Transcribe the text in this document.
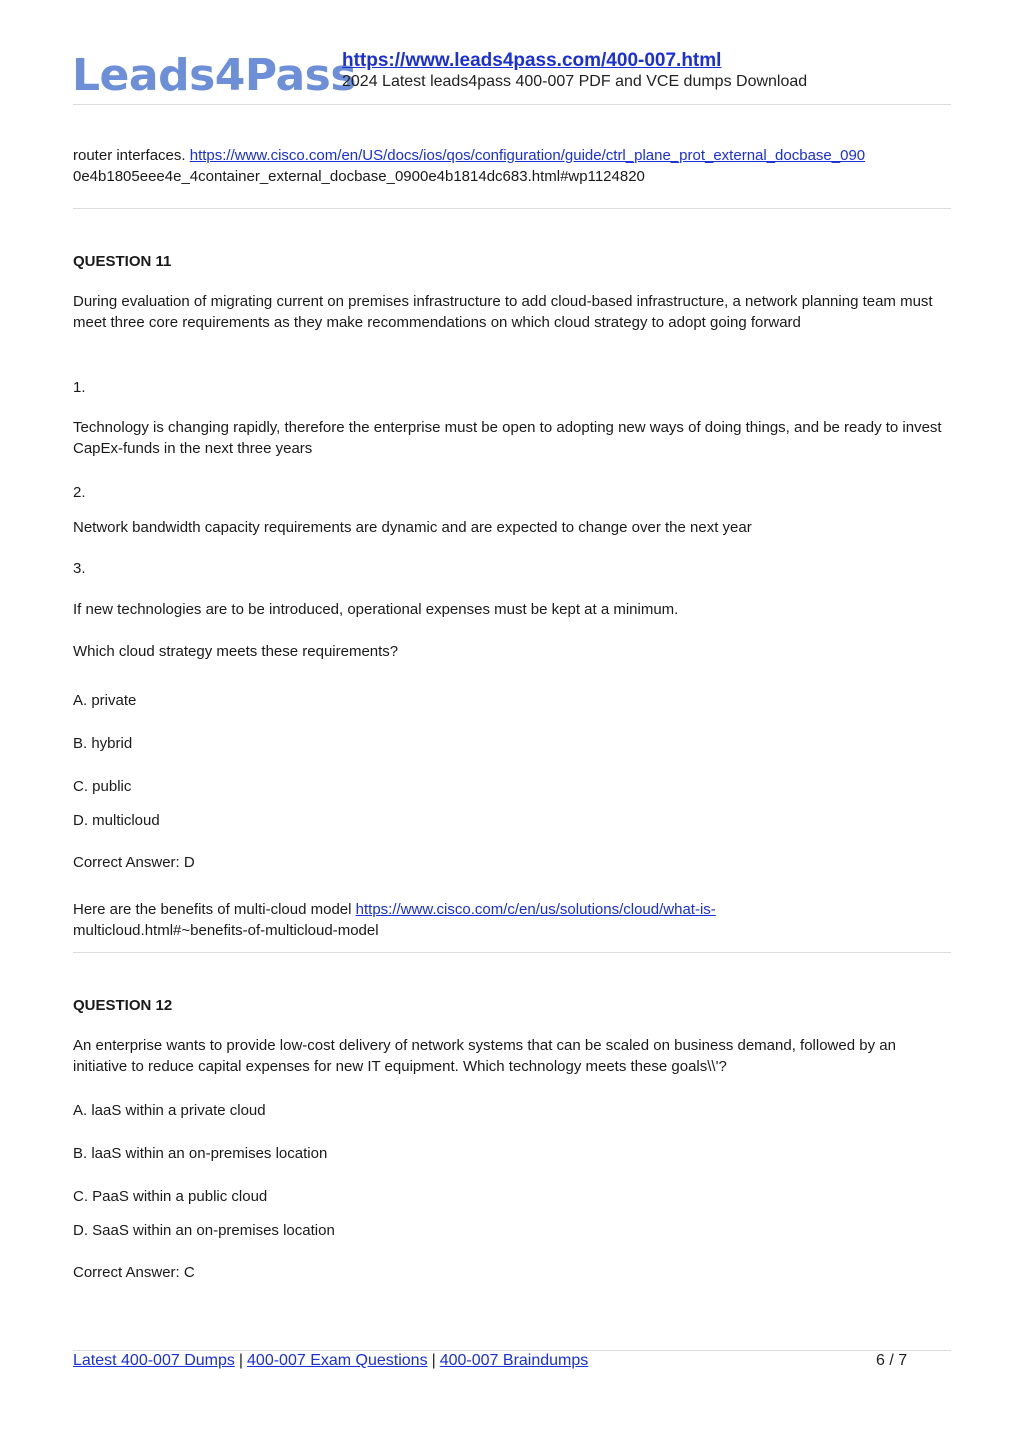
Leads4Pass
https://www.leads4pass.com/400-007.html
2024 Latest leads4pass 400-007 PDF and VCE dumps Download
router interfaces. https://www.cisco.com/en/US/docs/ios/qos/configuration/guide/ctrl_plane_prot_external_docbase_090
0e4b1805eee4e_4container_external_docbase_0900e4b1814dc683.html#wp1124820
QUESTION 11
During evaluation of migrating current on premises infrastructure to add cloud-based infrastructure, a network planning team must meet three core requirements as they make recommendations on which cloud strategy to adopt going forward
1.
Technology is changing rapidly, therefore the enterprise must be open to adopting new ways of doing things, and be ready to invest CapEx-funds in the next three years
2.
Network bandwidth capacity requirements are dynamic and are expected to change over the next year
3.
If new technologies are to be introduced, operational expenses must be kept at a minimum.
Which cloud strategy meets these requirements?
A. private
B. hybrid
C. public
D. multicloud
Correct Answer: D
Here are the benefits of multi-cloud model https://www.cisco.com/c/en/us/solutions/cloud/what-is-
multicloud.html#~benefits-of-multicloud-model
QUESTION 12
An enterprise wants to provide low-cost delivery of network systems that can be scaled on business demand, followed by an initiative to reduce capital expenses for new IT equipment. Which technology meets these goals\\'?
A. laaS within a private cloud
B. laaS within an on-premises location
C. PaaS within a public cloud
D. SaaS within an on-premises location
Correct Answer: C
Latest 400-007 Dumps | 400-007 Exam Questions | 400-007 Braindumps	6 / 7
